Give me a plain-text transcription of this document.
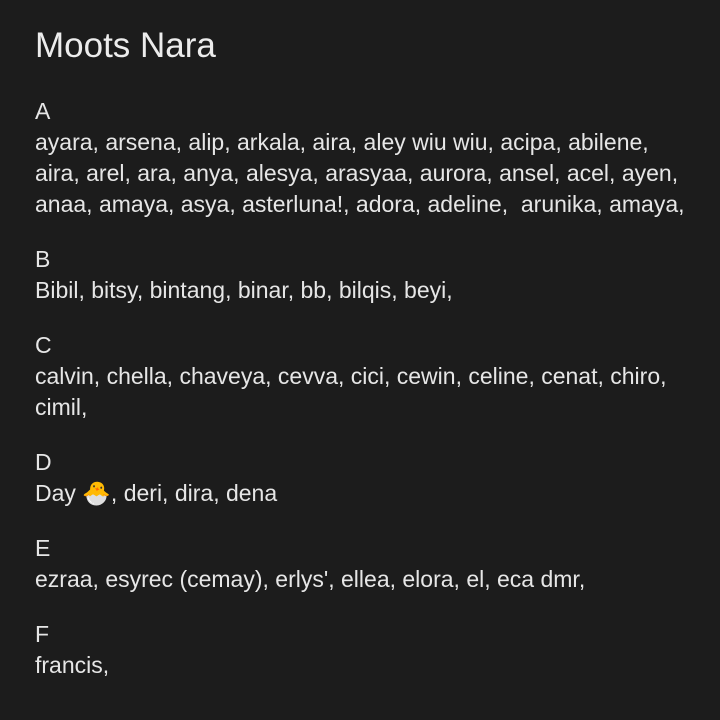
Moots Nara
A
ayara, arsena, alip, arkala, aira, aley wiu wiu, acipa, abilene,
aira, arel, ara, anya, alesya, arasyaa, aurora, ansel, acel, ayen,
anaa, amaya, asya, asterluna!, adora, adeline,  arunika, amaya,
B
Bibil, bitsy, bintang, binar, bb, bilqis, beyi,
C
calvin, chella, chaveya, cevva, cici, cewin, celine, cenat, chiro,
cimil,
D
Day 🐣, deri, dira, dena
E
ezraa, esyrec (cemay), erlys', ellea, elora, el, eca dmr,
F
francis,
